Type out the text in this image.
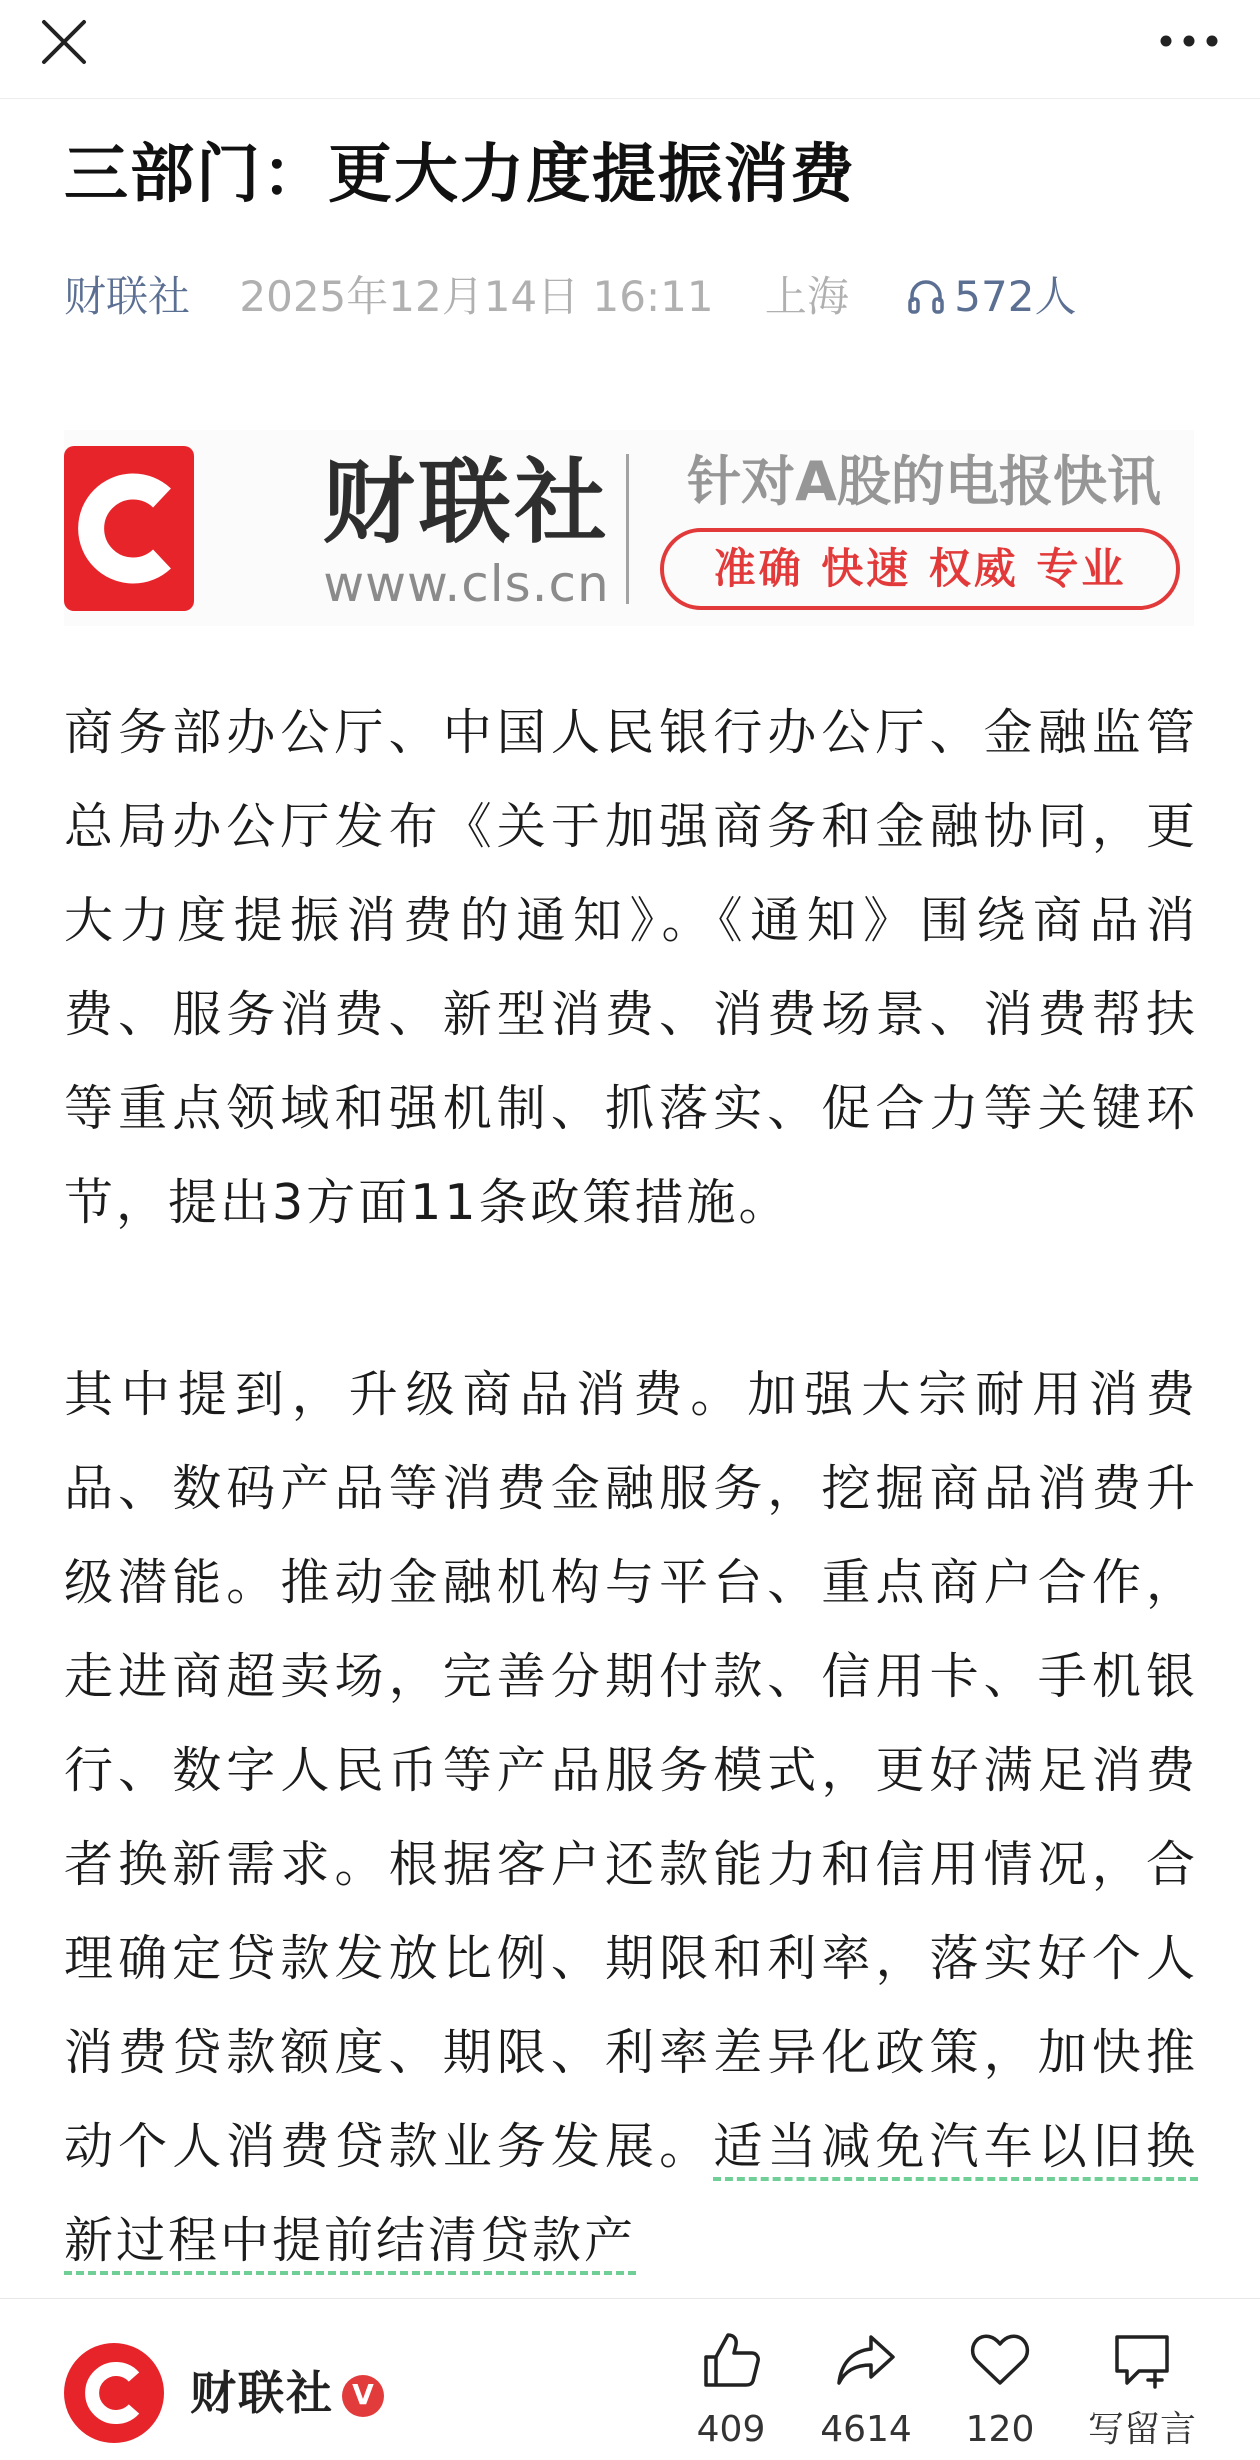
三部门：更大力度提振消费
财联社 2025年12月14日 16:11 上海	572人
财联社
www.cls.cn
针对A股的电报快讯
准确 快速 权威 专业

商务部办公厅、中国人民银行办公厅、金融监管总局办公厅发布《关于加强商务和金融协同，更大力度提振消费的通知》。《通知》围绕商品消费、服务消费、新型消费、消费场景、消费帮扶等重点领域和强机制、抓落实、促合力等关键环节，提出3方面11条政策措施。

其中提到，升级商品消费。加强大宗耐用消费品、数码产品等消费金融服务，挖掘商品消费升级潜能。推动金融机构与平台、重点商户合作，走进商超卖场，完善分期付款、信用卡、手机银行、数字人民币等产品服务模式，更好满足消费者换新需求。根据客户还款能力和信用情况，合理确定贷款发放比例、期限和利率，落实好个人消费贷款额度、期限、利率差异化政策，加快推动个人消费贷款业务发展。适当减免汽车以旧换新过程中提前结清贷款产

财联社 V
409	4614	120	写留言
